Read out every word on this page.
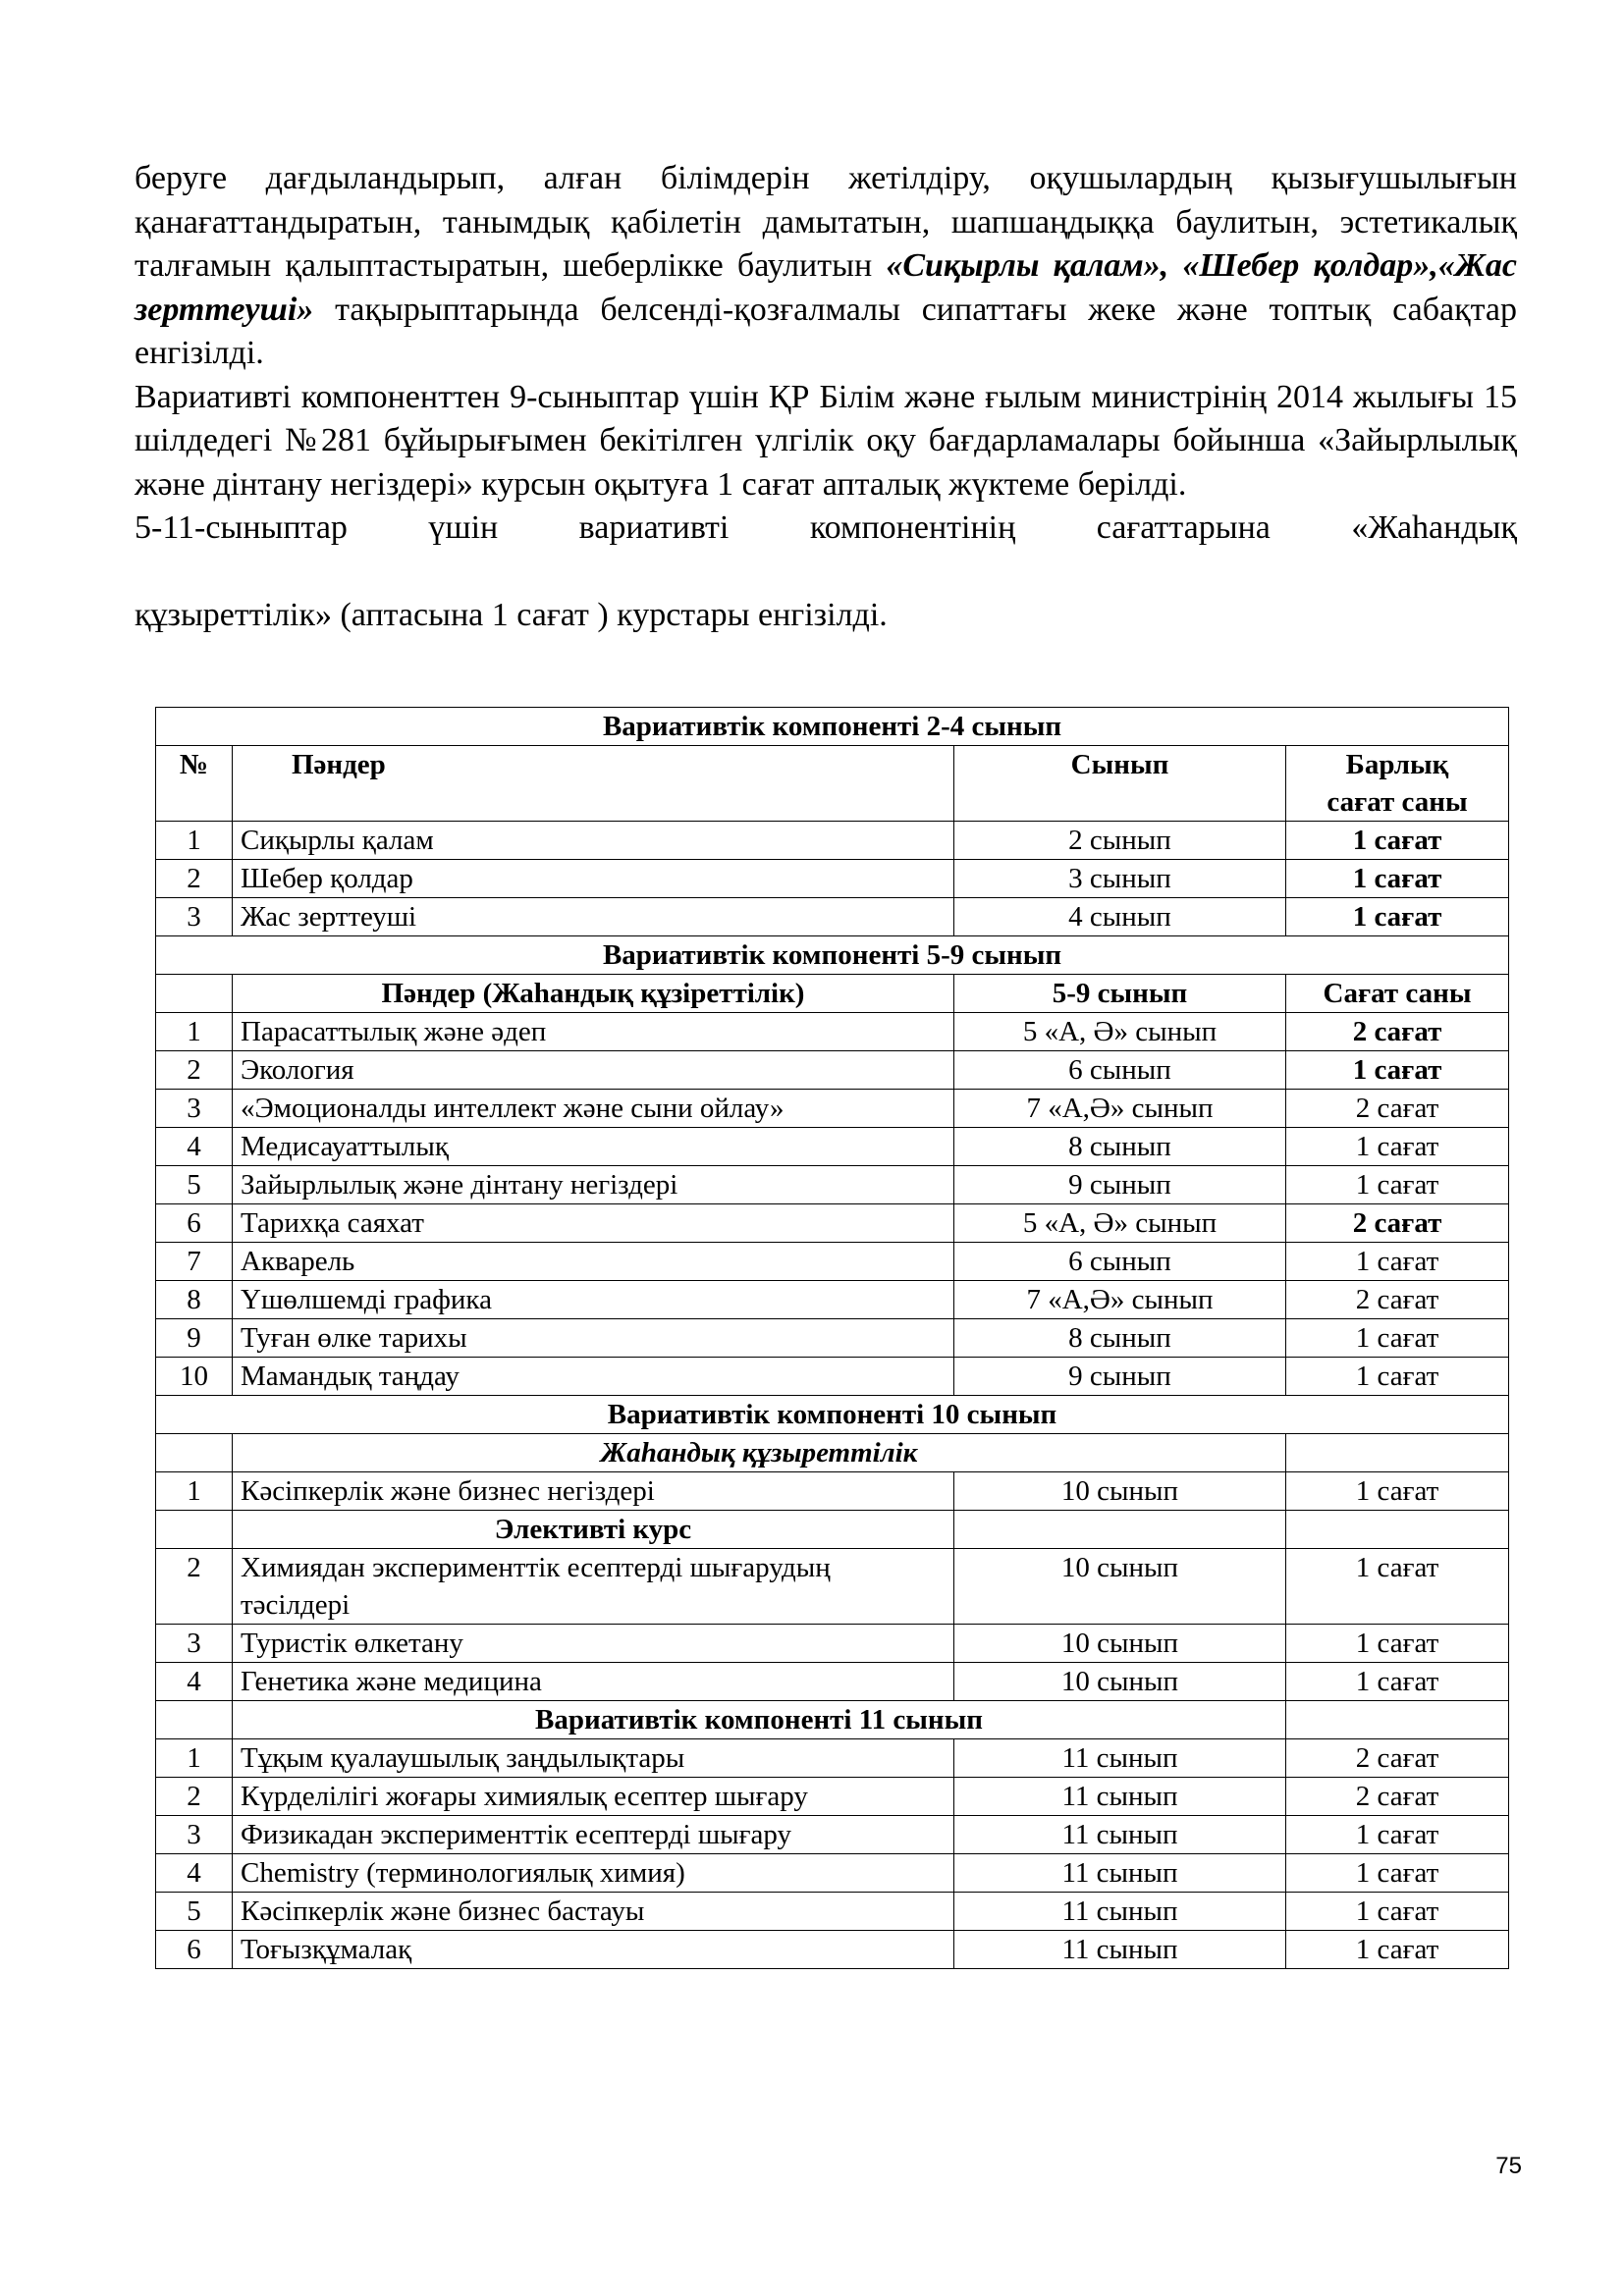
беруге дағдыландырып, алған білімдерін жетілдіру, оқушылардың қызығушылығын қанағаттандыратын, танымдық қабілетін дамытатын, шапшаңдыққа баулитын, эстетикалық талғамын қалыптастыратын, шеберлікке баулитын «Сиқырлы қалам», «Шебер қолдар»,«Жас зерттеуші» тақырыптарында белсенді-қозғалмалы сипаттағы жеке және топтық сабақтар енгізілді.

Вариативті компоненттен 9-сыныптар үшін ҚР Білім және ғылым министрінің 2014 жылығы 15 шілдедегі №281 бұйырығымен бекітілген үлгілік оқу бағдарламалары бойынша «Зайырлылық және дінтану негіздері» курсын оқытуға 1 сағат апталық жүктеме берілді.

5-11-сыныптар үшін вариативті компонентінің сағаттарына «Жаһандық

құзыреттілік» (аптасына 1 сағат ) курстары енгізілді.

Вариативтік компоненті 2-4 сынып			
№	Пәндер	Сынып	Барлық
сағат саны

1	Сиқырлы қалам	2 сынып	1 сағат
2	Шебер қолдар	3 сынып	1 сағат
3	Жас зерттеуші	4 сынып	1 сағат
Вариативтік компоненті 5-9 сынып			
	Пәндер (Жаһандық құзіреттілік)	5-9 сынып	Сағат саны
1	Парасаттылық және әдеп	5 «А, Ә» сынып	2 сағат
2	Экология	6 сынып	1 сағат
3	«Эмоционалды интеллект және сыни ойлау»	7 «А,Ә» сынып	2 сағат
4	Медисауаттылық	8 сынып	1 сағат
5	Зайырлылық және дінтану негіздері	9 сынып	1 сағат
6	Тарихқа саяхат	5 «А, Ә» сынып	2 сағат
7	Акварель	6 сынып	1 сағат
8	Үшөлшемді графика	7 «А,Ә» сынып	2 сағат
9	Туған өлке тарихы	8 сынып	1 сағат
10	Мамандық таңдау	9 сынып	1 сағат
Вариативтік компоненті 10 сынып			
	Жаһандық құзыреттілік		
1	Кәсіпкерлік және бизнес негіздері	10 сынып	1 сағат
	Элективті курс		
2	Химиядан эксперименттік есептерді шығарудың тәсілдері	10 сынып	1 сағат
3	Туристік өлкетану	10 сынып	1 сағат
4	Генетика және медицина	10 сынып	1 сағат
	Вариативтік компоненті 11 сынып		
1	Тұқым қуалаушылық заңдылықтары	11 сынып	2 сағат
2	Күрделілігі жоғары химиялық есептер шығару	11 сынып	2 сағат
3	Физикадан эксперименттік есептерді шығару	11 сынып	1 сағат
4	Chemistry (терминологиялық химия)	11 сынып	1 сағат
5	Кәсіпкерлік және бизнес бастауы	11 сынып	1 сағат
6	Тоғызқұмалақ	11 сынып	1 сағат
75
